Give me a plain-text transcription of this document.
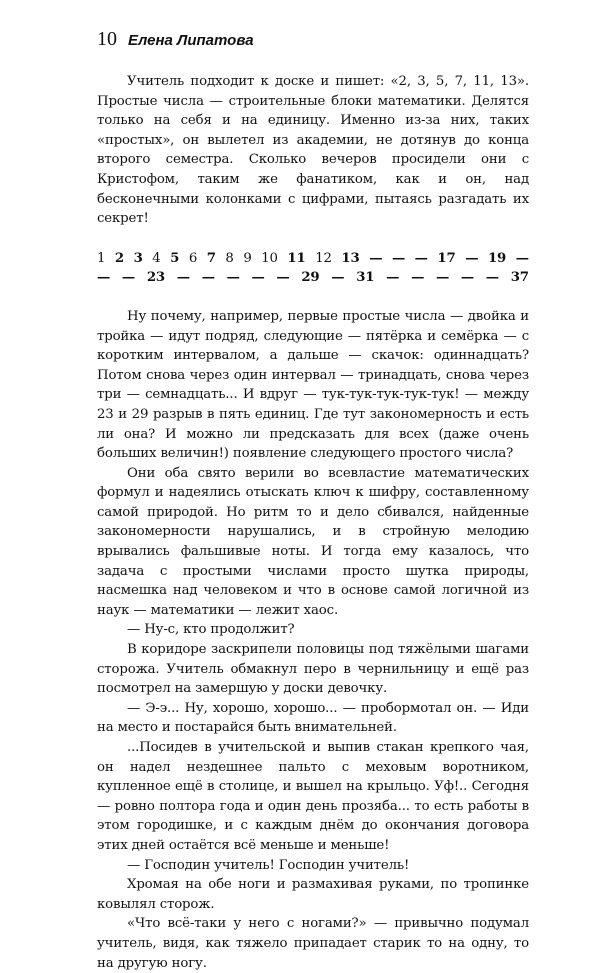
10 Елена Липатова

Учитель подходит к доске и пишет: «2, 3, 5, 7, 11, 13». Простые числа — строительные блоки математики. Делятся только на себя и на единицу. Именно из-за них, таких «простых», он вылетел из академии, не дотянув до конца второго семестра. Сколько вечеров просидели они с Кристофом, таким же фанатиком, как и он, над бесконечными колонками с цифрами, пытаясь разгадать их секрет!

1 2 3 4 5 6 7 8 9 10 11 12 13 — — — 17 — 19 —
— — 23 — — — — — 29 — 31 — — — — — 37

Ну почему, например, первые простые числа — двойка и тройка — идут подряд, следующие — пятёрка и семёрка — с коротким интервалом, а дальше — скачок: одиннадцать? Потом снова через один интервал — тринадцать, снова через три — семнадцать... И вдруг — тук-тук-тук-тук-тук! — между 23 и 29 разрыв в пять единиц. Где тут закономерность и есть ли она? И можно ли предсказать для всех (даже очень больших величин!) появление следующего простого числа?

Они оба свято верили во всевластие математических формул и надеялись отыскать ключ к шифру, составленному самой природой. Но ритм то и дело сбивался, найденные закономерности нарушались, и в стройную мелодию врывались фальшивые ноты. И тогда ему казалось, что задача с простыми числами просто шутка природы, насмешка над человеком и что в основе самой логичной из наук — математики — лежит хаос.

— Ну-с, кто продолжит?

В коридоре заскрипели половицы под тяжёлыми шагами сторожа. Учитель обмакнул перо в чернильницу и ещё раз посмотрел на замершую у доски девочку.

— Э-э... Ну, хорошо, хорошо... — пробормотал он. — Иди на место и постарайся быть внимательней.

...Посидев в учительской и выпив стакан крепкого чая, он надел нездешнее пальто с меховым воротником, купленное ещё в столице, и вышел на крыльцо. Уф!.. Сегодня — ровно полтора года и один день прозяба... то есть работы в этом городишке, и с каждым днём до окончания договора этих дней остаётся всё меньше и меньше!

— Господин учитель! Господин учитель!

Хромая на обе ноги и размахивая руками, по тропинке ковылял сторож.

«Что всё-таки у него с ногами?» — привычно подумал учитель, видя, как тяжело припадает старик то на одну, то на другую ногу.
